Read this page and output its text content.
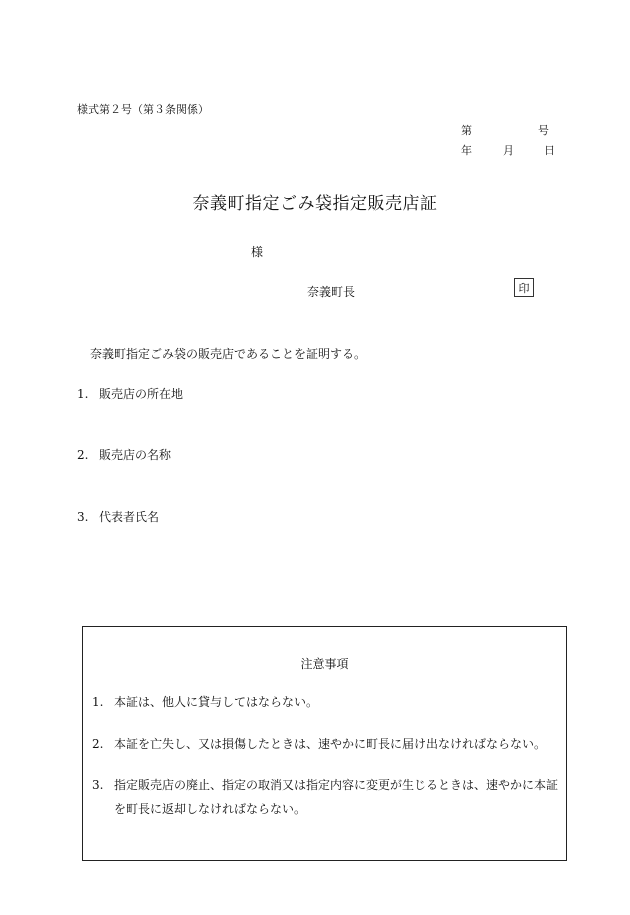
様式第２号（第３条関係）
第	号
年	月	日
奈義町指定ごみ袋指定販売店証
様
奈義町長	印
奈義町指定ごみ袋の販売店であることを証明する。
1. 販売店の所在地
2. 販売店の名称
3. 代表者氏名
注意事項
1. 本証は、他人に貸与してはならない。
2. 本証を亡失し、又は損傷したときは、速やかに町長に届け出なければならない。
3. 指定販売店の廃止、指定の取消又は指定内容に変更が生じるときは、速やかに本証を町長に返却しなければならない。
